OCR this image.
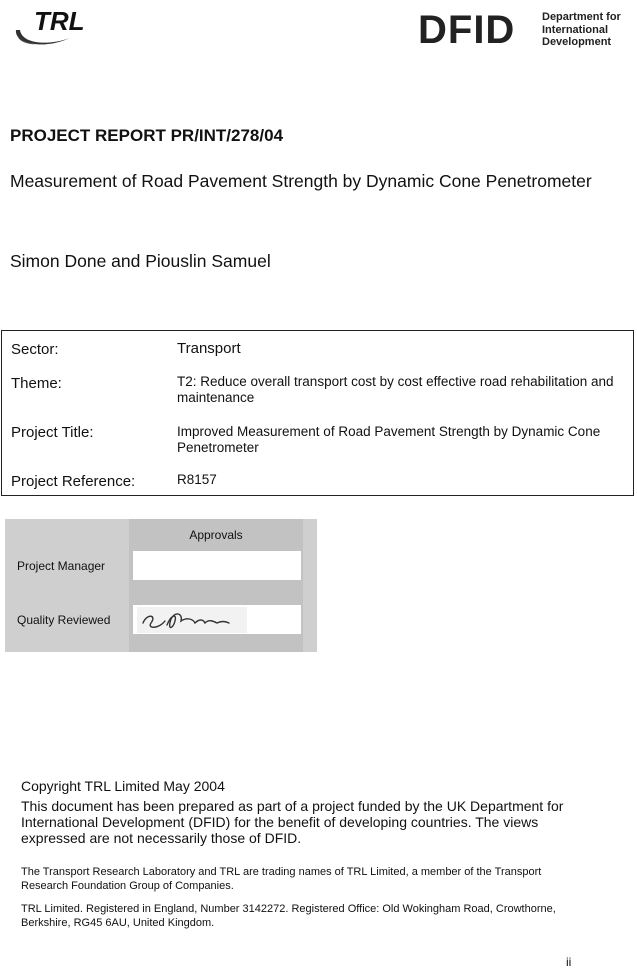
TRL	DFID Department for
International
Development
PROJECT REPORT PR/INT/278/04
Measurement of Road Pavement Strength by Dynamic Cone Penetrometer
Simon Done and Piouslin Samuel
Sector:	Transport
Theme:	T2: Reduce overall transport cost by cost effective road rehabilitation and maintenance
Project Title:	Improved Measurement of Road Pavement Strength by Dynamic Cone Penetrometer
Project Reference:	R8157
Approvals
Project Manager
Quality Reviewed
Copyright TRL Limited May 2004
This document has been prepared as part of a project funded by the UK Department for International Development (DFID) for the benefit of developing countries. The views expressed are not necessarily those of DFID.
The Transport Research Laboratory and TRL are trading names of TRL Limited, a member of the Transport Research Foundation Group of Companies.
TRL Limited. Registered in England, Number 3142272. Registered Office: Old Wokingham Road, Crowthorne, Berkshire, RG45 6AU, United Kingdom.
ii
